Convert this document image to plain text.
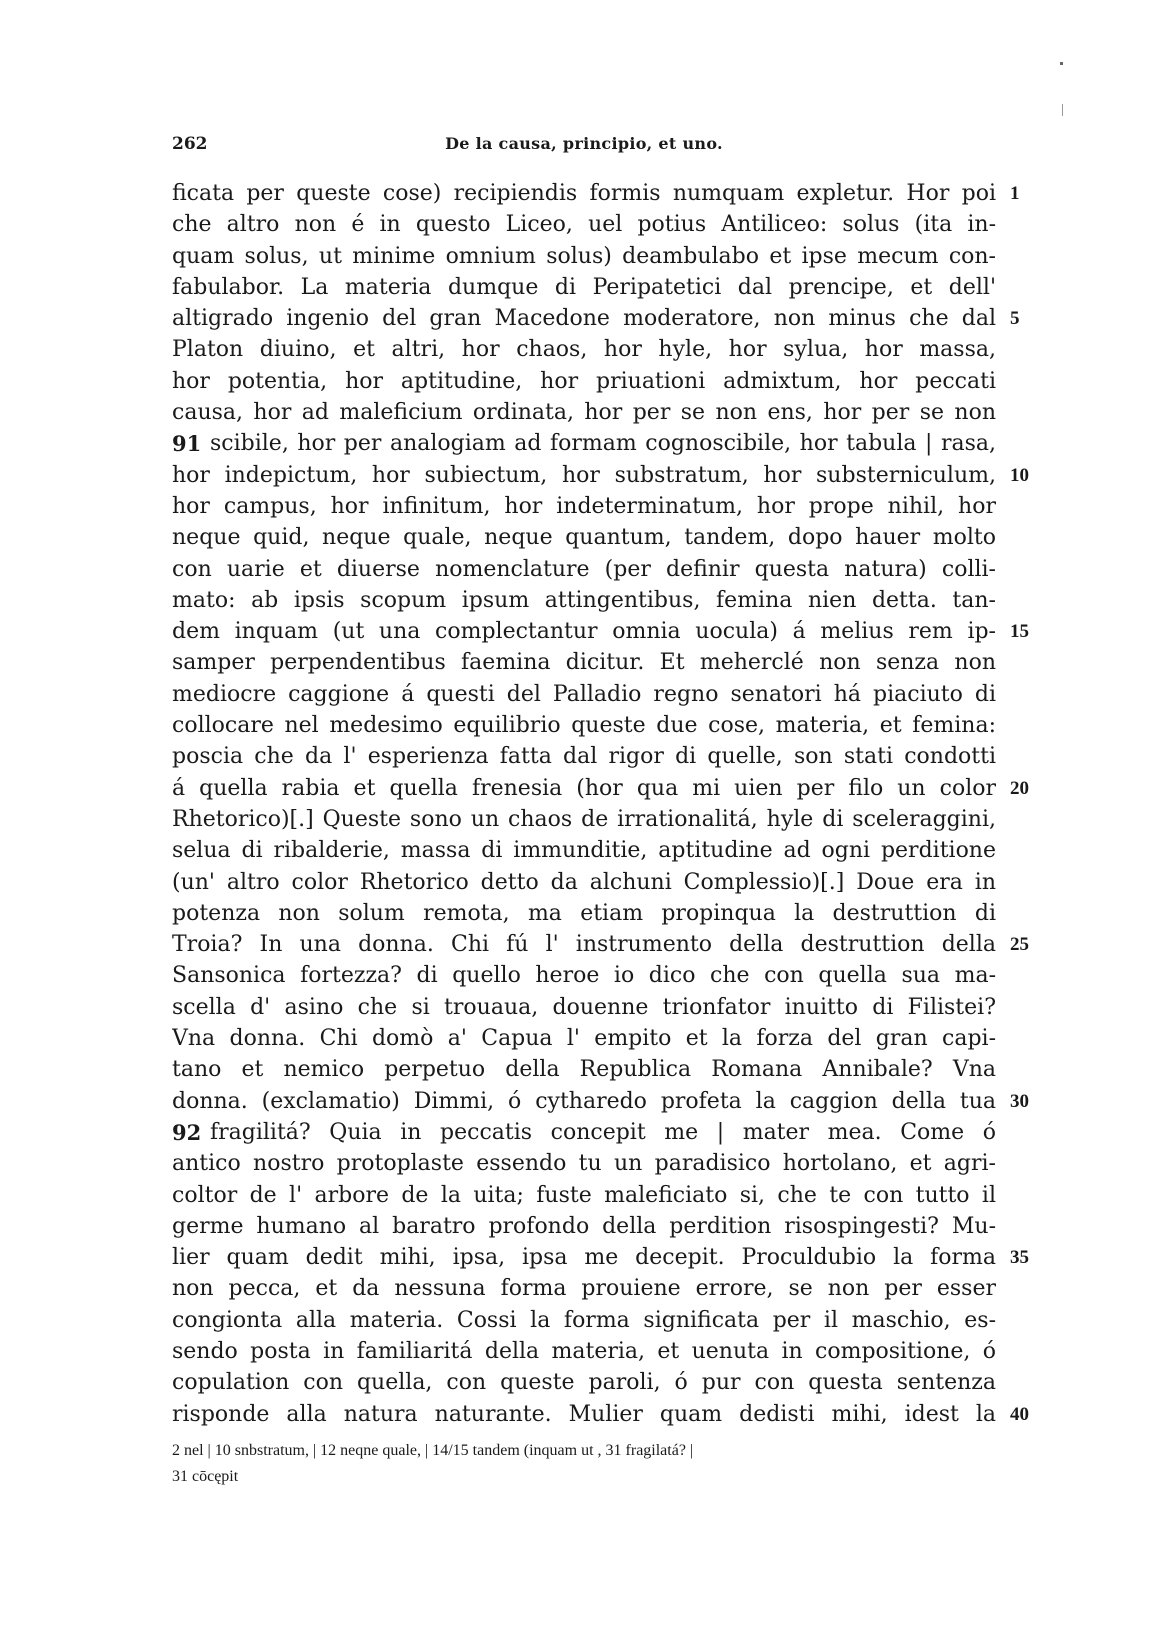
262	De la causa, principio, et uno.
ficata per queste cose) recipiendis formis numquam expletur. Hor poi 1
che altro non é in questo Liceo, uel potius Antiliceo: solus (ita in-
quam solus, ut minime omnium solus) deambulabo et ipse mecum con-
fabulabor. La materia dumque di Peripatetici dal prencipe, et dell'
altigrado ingenio del gran Macedone moderatore, non minus che dal 5
Platon diuino, et altri, hor chaos, hor hyle, hor sylua, hor massa,
hor potentia, hor aptitudine, hor priuationi admixtum, hor peccati
causa, hor ad maleficium ordinata, hor per se non ens, hor per se non
scibile, hor per analogiam ad formam cognoscibile, hor tabula | rasa,
91
hor indepictum, hor subiectum, hor substratum, hor substerniculum, 10
hor campus, hor infinitum, hor indeterminatum, hor prope nihil, hor
neque quid, neque quale, neque quantum, tandem, dopo hauer molto
con uarie et diuerse nomenclature (per definir questa natura) colli-
mato: ab ipsis scopum ipsum attingentibus, femina nien detta. tan-
dem inquam (ut una complectantur omnia uocula) á melius rem ip- 15
samper perpendentibus faemina dicitur. Et meherclé non senza non
mediocre caggione á questi del Palladio regno senatori há piaciuto di
collocare nel medesimo equilibrio queste due cose, materia, et femina:
poscia che da l' esperienza fatta dal rigor di quelle, son stati condotti
á quella rabia et quella frenesia (hor qua mi uien per filo un color 20
Rhetorico)[.] Queste sono un chaos de irrationalitá, hyle di sceleraggini,
selua di ribalderie, massa di immunditie, aptitudine ad ogni perditione
(un' altro color Rhetorico detto da alchuni Complessio)[.] Doue era in
potenza non solum remota, ma etiam propinqua la destruttion di
Troia? In una donna. Chi fú l' instrumento della destruttion della 25
Sansonica fortezza? di quello heroe io dico che con quella sua ma-
scella d' asino che si trouaua, douenne trionfator inuitto di Filistei?
Vna donna. Chi domò a' Capua l' empito et la forza del gran capi-
tano et nemico perpetuo della Republica Romana Annibale? Vna
donna. (exclamatio) Dimmi, ó cytharedo profeta la caggion della tua 30
fragilitá? Quia in peccatis concepit me | mater mea. Come ó
92
antico nostro protoplaste essendo tu un paradisico hortolano, et agri-
coltor de l' arbore de la uita; fuste maleficiato si, che te con tutto il
germe humano al baratro profondo della perdition risospingesti? Mu-
lier quam dedit mihi, ipsa, ipsa me decepit. Proculdubio la forma 35
non pecca, et da nessuna forma prouiene errore, se non per esser
congionta alla materia. Cossi la forma significata per il maschio, es-
sendo posta in familiaritá della materia, et uenuta in compositione, ó
copulation con quella, con queste paroli, ó pur con questa sentenza
risponde alla natura naturante. Mulier quam dedisti mihi, idest la 40
2 nel | 10 snbstratum, | 12 neqne quale, | 14/15 tandem (inquam ut , 31 fragilatá? |
31 cōcępit
